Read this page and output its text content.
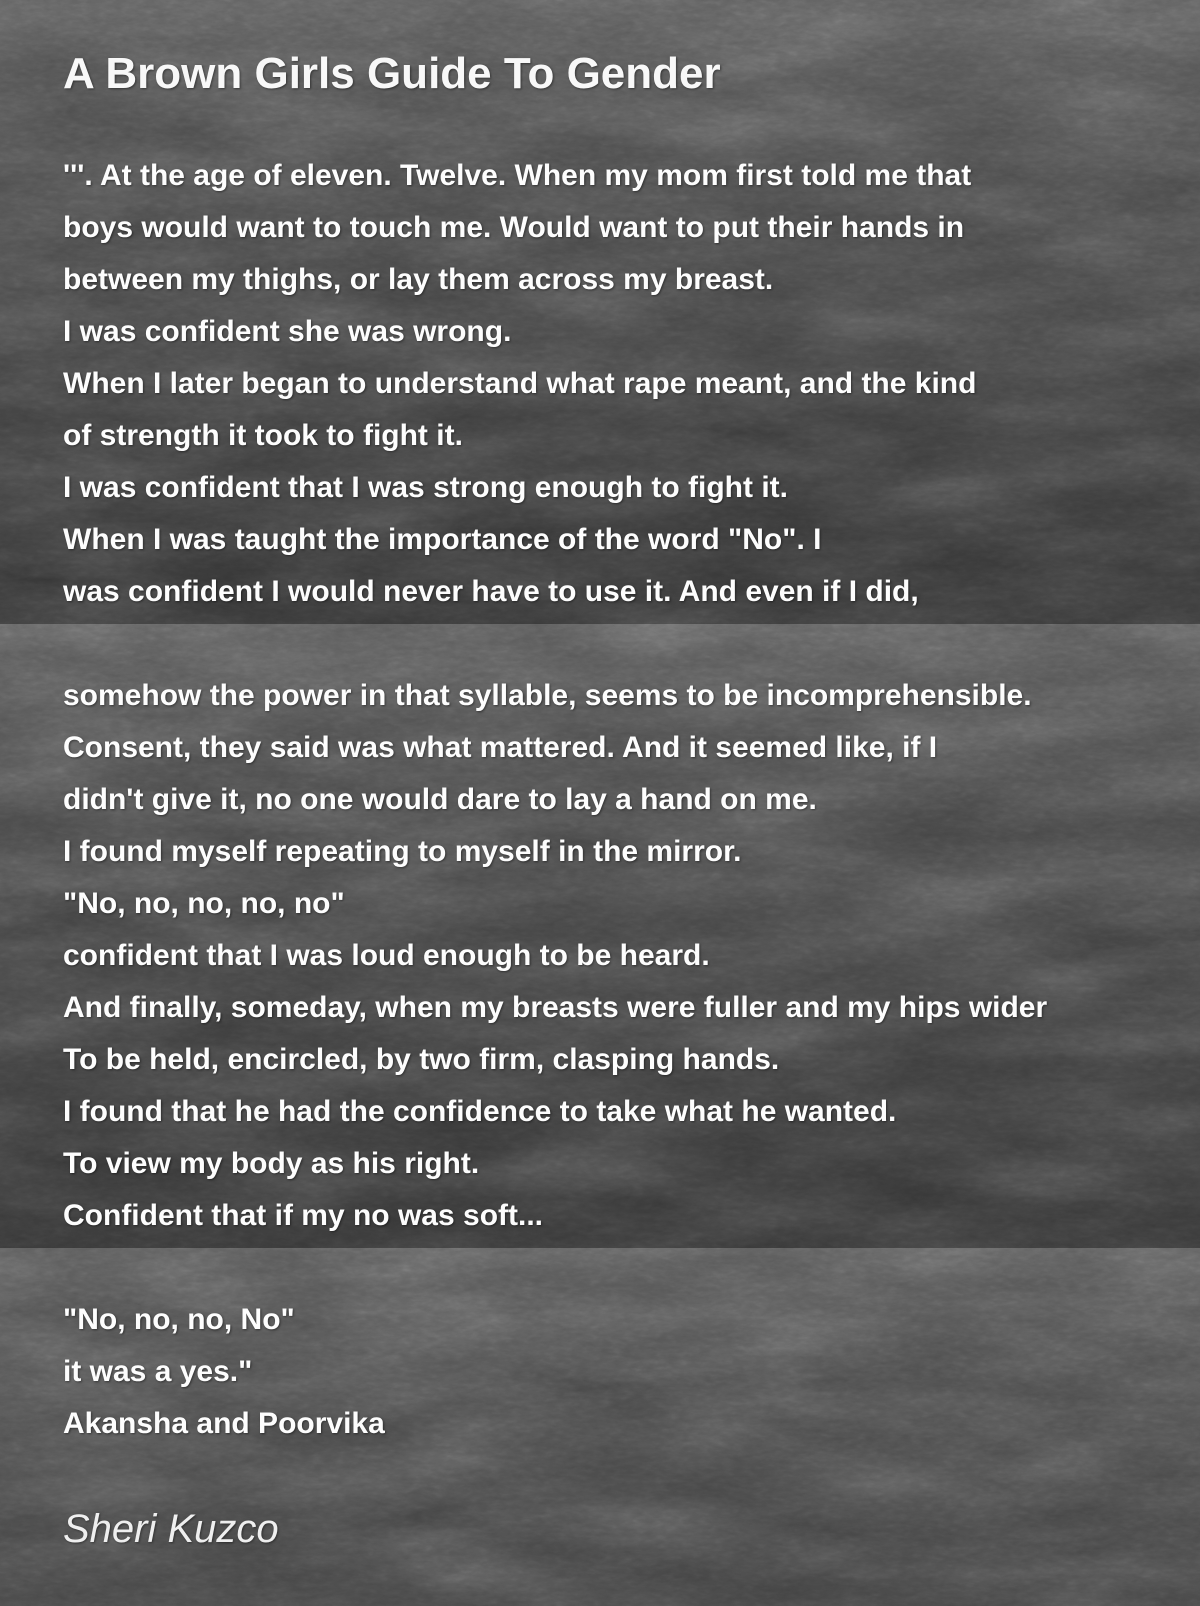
A Brown Girls Guide To Gender

'''. At the age of eleven. Twelve. When my mom first told me that

boys would want to touch me. Would want to put their hands in

between my thighs, or lay them across my breast.

I was confident she was wrong.

When I later began to understand what rape meant, and the kind

of strength it took to fight it.

I was confident that I was strong enough to fight it.

When I was taught the importance of the word "No". I

was confident I would never have to use it. And even if I did,

somehow the power in that syllable, seems to be incomprehensible.

Consent, they said was what mattered. And it seemed like, if I

didn't give it, no one would dare to lay a hand on me.

I found myself repeating to myself in the mirror.

"No, no, no, no, no"

confident that I was loud enough to be heard.

And finally, someday, when my breasts were fuller and my hips wider

To be held, encircled, by two firm, clasping hands.

I found that he had the confidence to take what he wanted.

To view my body as his right.

Confident that if my no was soft...

"No, no, no, No"

it was a yes."

Akansha and Poorvika

Sheri Kuzco
